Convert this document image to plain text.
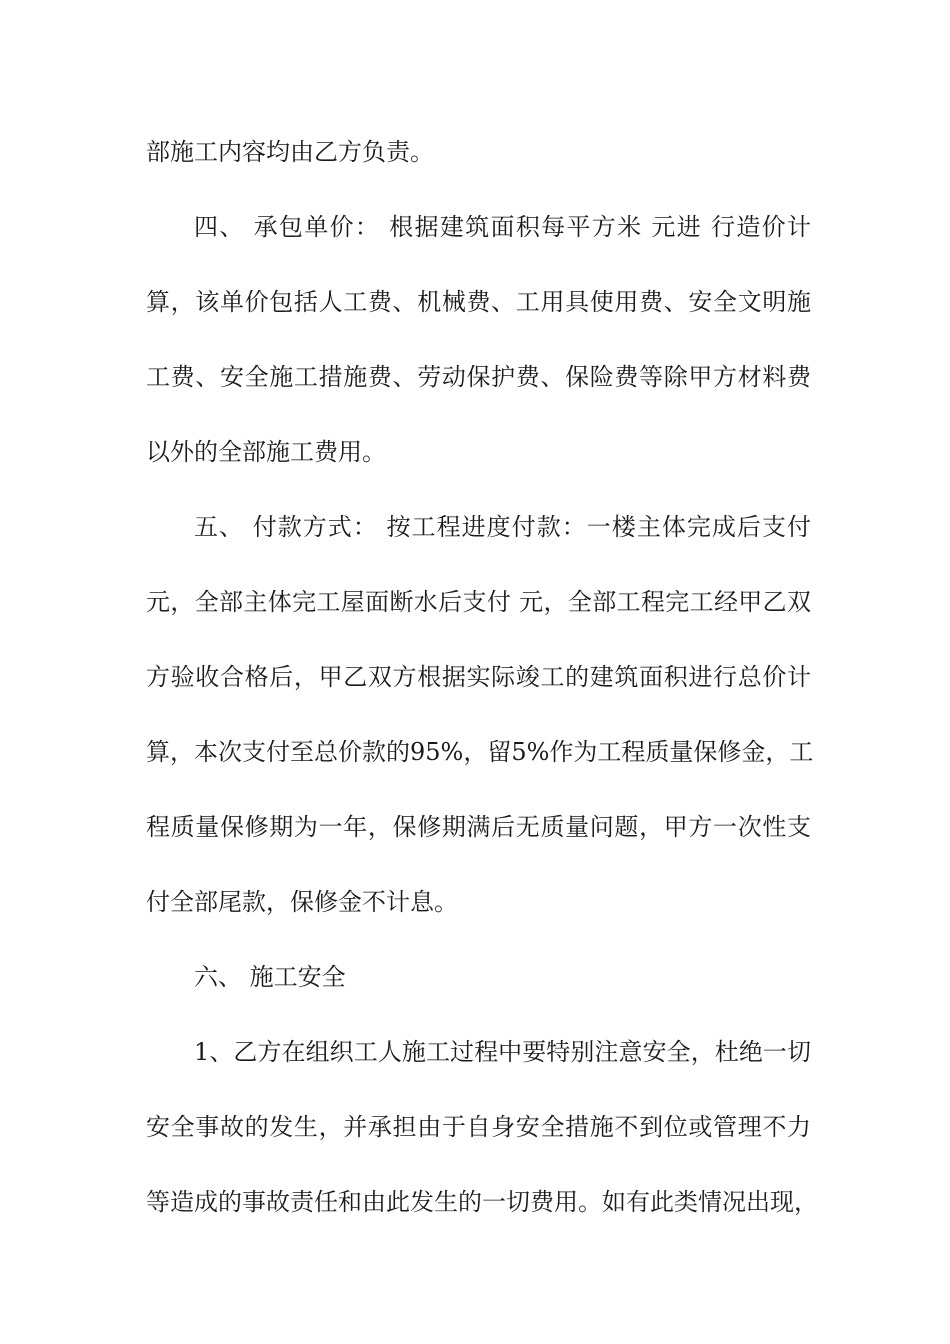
部施工内容均由乙方负责。
四、 承包单价： 根据建筑面积每平方米 元进 行造价计
算，该单价包括人工费、机械费、工用具使用费、安全文明施
工费、安全施工措施费、劳动保护费、保险费等除甲方材料费
以外的全部施工费用。
五、 付款方式： 按工程进度付款：一楼主体完成后支付
元，全部主体完工屋面断水后支付 元，全部工程完工经甲乙双
方验收合格后，甲乙双方根据实际竣工的建筑面积进行总价计
算，本次支付至总价款的95%，留5%作为工程质量保修金，工
程质量保修期为一年，保修期满后无质量问题，甲方一次性支
付全部尾款，保修金不计息。
六、 施工安全
1、乙方在组织工人施工过程中要特别注意安全，杜绝一切
安全事故的发生，并承担由于自身安全措施不到位或管理不力
等造成的事故责任和由此发生的一切费用。如有此类情况出现，
